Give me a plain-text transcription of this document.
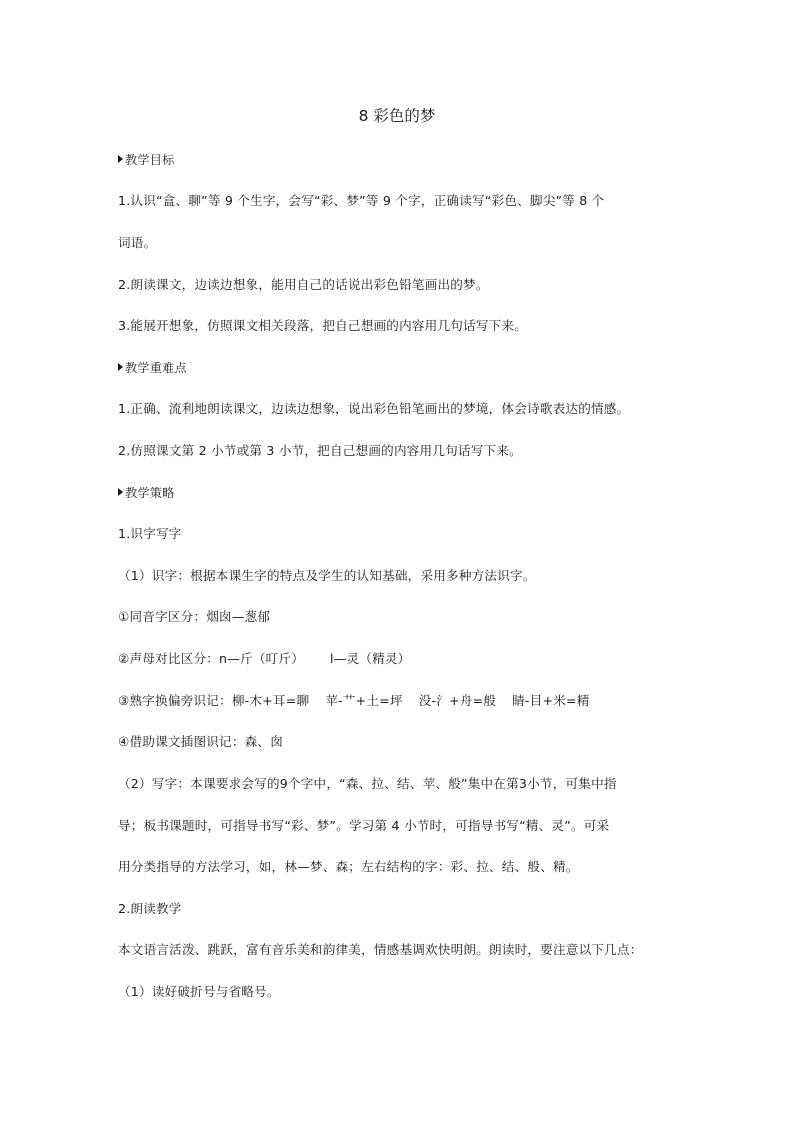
8 彩色的梦
教学目标
1.认识“盒、聊”等 9 个生字，会写“彩、梦”等 9 个字，正确读写“彩色、脚尖”等 8 个
词语。
2.朗读课文，边读边想象，能用自己的话说出彩色铅笔画出的梦。
3.能展开想象，仿照课文相关段落，把自己想画的内容用几句话写下来。
教学重难点
1.正确、流利地朗读课文，边读边想象，说出彩色铅笔画出的梦境，体会诗歌表达的情感。
2.仿照课文第 2 小节或第 3 小节，把自己想画的内容用几句话写下来。
教学策略
1.识字写字
（1）识字：根据本课生字的特点及学生的认知基础，采用多种方法识字。
①同音字区分：烟囱—葱郁
②声母对比区分：n—斤（叮斤） l—灵（精灵）
③熟字换偏旁识记：柳-木+耳=聊 苹-艹+土=坪 没-氵+舟=般 睛-目+米=精
④借助课文插图识记：森、囱
（2）写字：本课要求会写的9个字中，“森、拉、结、苹、般”集中在第3小节，可集中指
导；板书课题时，可指导书写“彩、梦”。学习第 4 小节时，可指导书写“精、灵”。可采
用分类指导的方法学习，如，林—梦、森；左右结构的字：彩、拉、结、般、精。
2.朗读教学
本文语言活泼、跳跃，富有音乐美和韵律美，情感基调欢快明朗。朗读时，要注意以下几点：
（1）读好破折号与省略号。
